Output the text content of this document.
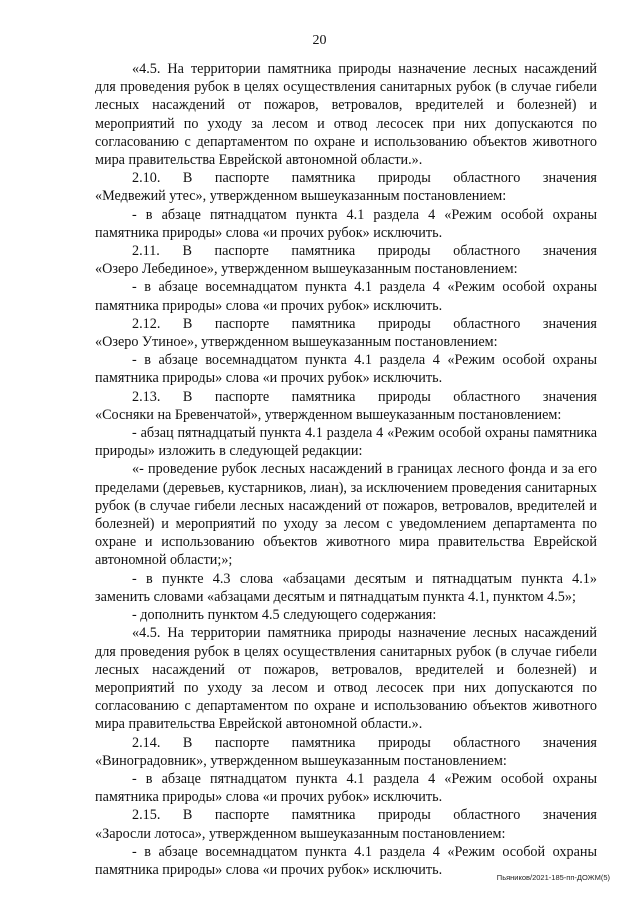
20

«4.5. На территории памятника природы назначение лесных насаждений для проведения рубок в целях осуществления санитарных рубок (в случае гибели лесных насаждений от пожаров, ветровалов, вредителей и болезней) и мероприятий по уходу за лесом и отвод лесосек при них допускаются по согласованию с департаментом по охране и использованию объектов животного мира правительства Еврейской автономной области.».

2.10. В паспорте памятника природы областного значения
«Медвежий утес», утвержденном вышеуказанным постановлением:

- в абзаце пятнадцатом пункта 4.1 раздела 4 «Режим особой охраны памятника природы» слова «и прочих рубок» исключить.

2.11. В паспорте памятника природы областного значения
«Озеро Лебединое», утвержденном вышеуказанным постановлением:

- в абзаце восемнадцатом пункта 4.1 раздела 4 «Режим особой охраны памятника природы» слова «и прочих рубок» исключить.

2.12. В паспорте памятника природы областного значения
«Озеро Утиное», утвержденном вышеуказанным постановлением:

- в абзаце восемнадцатом пункта 4.1 раздела 4 «Режим особой охраны памятника природы» слова «и прочих рубок» исключить.

2.13. В паспорте памятника природы областного значения
«Сосняки на Бревенчатой», утвержденном вышеуказанным постановлением:

- абзац пятнадцатый пункта 4.1 раздела 4 «Режим особой охраны памятника природы» изложить в следующей редакции:

«- проведение рубок лесных насаждений в границах лесного фонда и за его пределами (деревьев, кустарников, лиан), за исключением проведения санитарных рубок (в случае гибели лесных насаждений от пожаров, ветровалов, вредителей и болезней) и мероприятий по уходу за лесом с уведомлением департамента по охране и использованию объектов животного мира правительства Еврейской автономной области;»;

- в пункте 4.3 слова «абзацами десятым и пятнадцатым пункта 4.1» заменить словами «абзацами десятым и пятнадцатым пункта 4.1, пунктом 4.5»;

- дополнить пунктом 4.5 следующего содержания:

«4.5. На территории памятника природы назначение лесных насаждений для проведения рубок в целях осуществления санитарных рубок (в случае гибели лесных насаждений от пожаров, ветровалов, вредителей и болезней) и мероприятий по уходу за лесом и отвод лесосек при них допускаются по согласованию с департаментом по охране и использованию объектов животного мира правительства Еврейской автономной области.».

2.14. В паспорте памятника природы областного значения
«Виноградовник», утвержденном вышеуказанным постановлением:

- в абзаце пятнадцатом пункта 4.1 раздела 4 «Режим особой охраны памятника природы» слова «и прочих рубок» исключить.

2.15. В паспорте памятника природы областного значения
«Заросли лотоса», утвержденном вышеуказанным постановлением:

- в абзаце восемнадцатом пункта 4.1 раздела 4 «Режим особой охраны памятника природы» слова «и прочих рубок» исключить.	Пьяников/2021-185-пп-ДОЖМ(5)
